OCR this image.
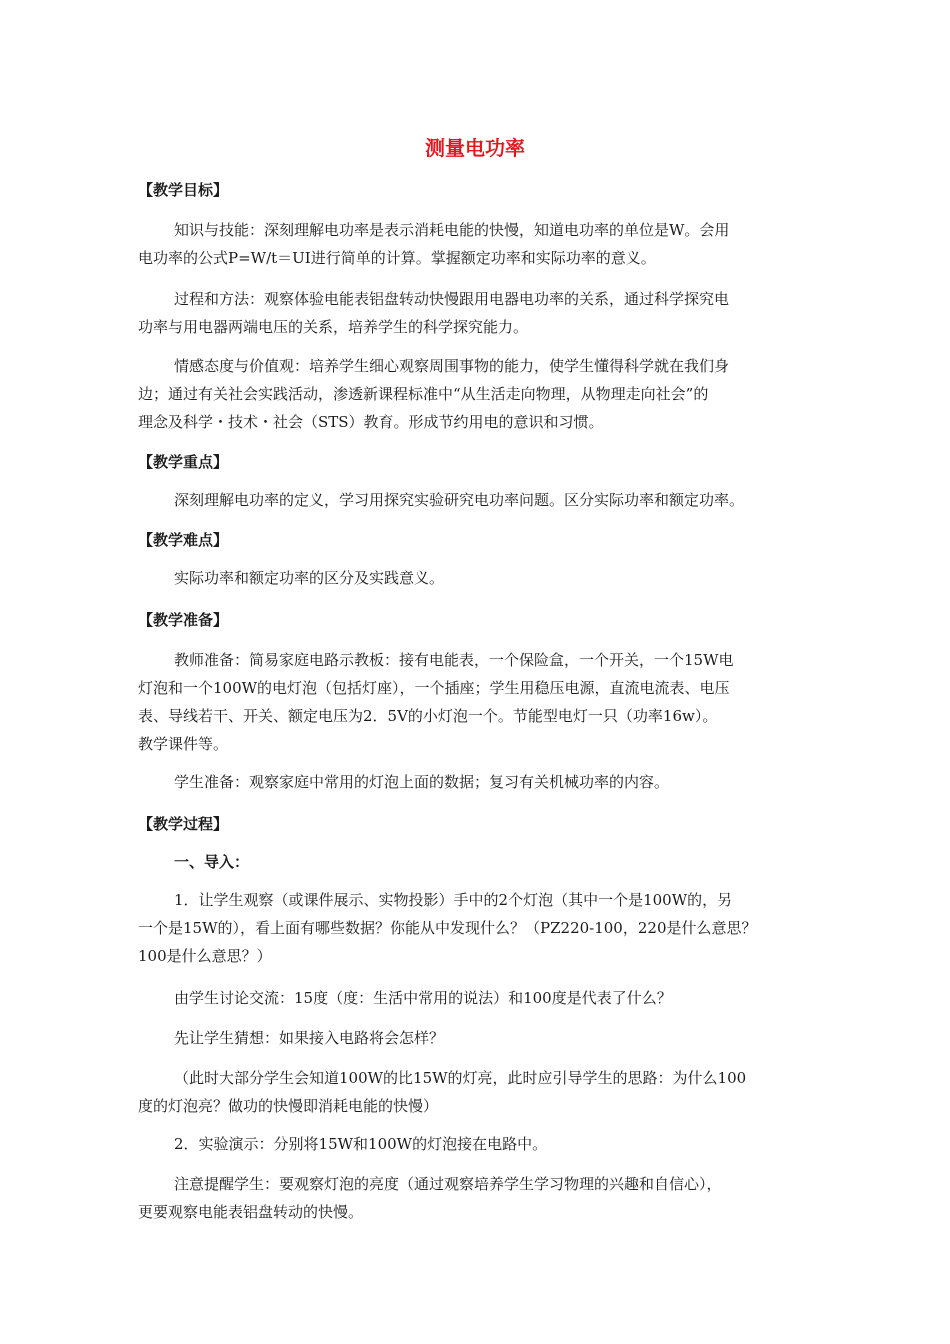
测量电功率
【教学目标】
知识与技能：深刻理解电功率是表示消耗电能的快慢，知道电功率的单位是W。会用
电功率的公式P=W/t＝UI进行简单的计算。掌握额定功率和实际功率的意义。
过程和方法：观察体验电能表铝盘转动快慢跟用电器电功率的关系，通过科学探究电
功率与用电器两端电压的关系，培养学生的科学探究能力。
情感态度与价值观：培养学生细心观察周围事物的能力，使学生懂得科学就在我们身
边；通过有关社会实践活动，渗透新课程标准中“从生活走向物理，从物理走向社会”的
理念及科学・技术・社会（STS）教育。形成节约用电的意识和习惯。
【教学重点】
深刻理解电功率的定义，学习用探究实验研究电功率问题。区分实际功率和额定功率。
【教学难点】
实际功率和额定功率的区分及实践意义。
【教学准备】
教师准备：简易家庭电路示教板：接有电能表，一个保险盒，一个开关，一个15W电
灯泡和一个100W的电灯泡（包括灯座），一个插座；学生用稳压电源，直流电流表、电压
表、导线若干、开关、额定电压为2．5V的小灯泡一个。节能型电灯一只（功率16w）。
教学课件等。
学生准备：观察家庭中常用的灯泡上面的数据；复习有关机械功率的内容。
【教学过程】
一、导入：
1．让学生观察（或课件展示、实物投影）手中的2个灯泡（其中一个是100W的，另
一个是15W的），看上面有哪些数据？你能从中发现什么？（PZ220-100，220是什么意思？
100是什么意思？）
由学生讨论交流：15度（度：生活中常用的说法）和100度是代表了什么？
先让学生猜想：如果接入电路将会怎样？
（此时大部分学生会知道100W的比15W的灯亮，此时应引导学生的思路：为什么100
度的灯泡亮？做功的快慢即消耗电能的快慢）
2．实验演示：分别将15W和100W的灯泡接在电路中。
注意提醒学生：要观察灯泡的亮度（通过观察培养学生学习物理的兴趣和自信心），
更要观察电能表铝盘转动的快慢。
